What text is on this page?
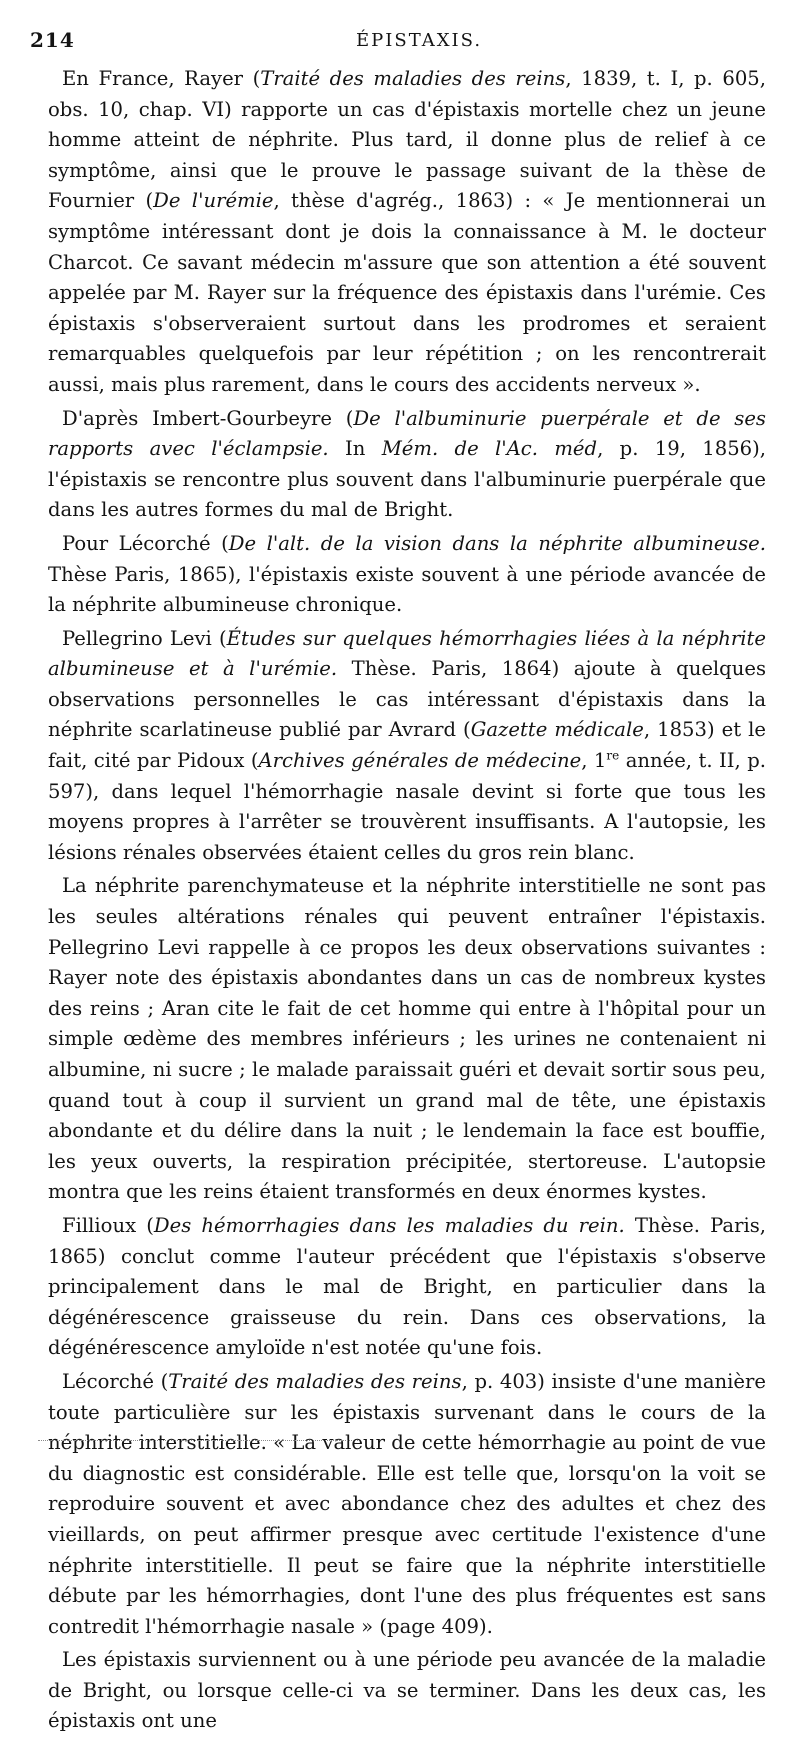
214	ÉPISTAXIS.

En France, Rayer (Traité des maladies des reins, 1839, t. I, p. 605, obs. 10, chap. VI) rapporte un cas d'épistaxis mortelle chez un jeune homme atteint de néphrite. Plus tard, il donne plus de relief à ce symptôme, ainsi que le prouve le passage suivant de la thèse de Fournier (De l'urémie, thèse d'agrég., 1863) : « Je mentionnerai un symptôme intéressant dont je dois la connaissance à M. le docteur Charcot. Ce savant médecin m'assure que son attention a été souvent appelée par M. Rayer sur la fréquence des épistaxis dans l'urémie. Ces épistaxis s'observeraient surtout dans les prodromes et seraient remarquables quelquefois par leur répétition ; on les rencontrerait aussi, mais plus rarement, dans le cours des accidents nerveux ».

D'après Imbert-Gourbeyre (De l'albuminurie puerpérale et de ses rapports avec l'éclampsie. In Mém. de l'Ac. méd, p. 19, 1856), l'épistaxis se rencontre plus souvent dans l'albuminurie puerpérale que dans les autres formes du mal de Bright.

Pour Lécorché (De l'alt. de la vision dans la néphrite albumineuse. Thèse Paris, 1865), l'épistaxis existe souvent à une période avancée de la néphrite albumineuse chronique.

Pellegrino Levi (Études sur quelques hémorrhagies liées à la néphrite albumineuse et à l'urémie. Thèse. Paris, 1864) ajoute à quelques observations personnelles le cas intéressant d'épistaxis dans la néphrite scarlatineuse publié par Avrard (Gazette médicale, 1853) et le fait, cité par Pidoux (Archives générales de médecine, 1re année, t. II, p. 597), dans lequel l'hémorrhagie nasale devint si forte que tous les moyens propres à l'arrêter se trouvèrent insuffisants. A l'autopsie, les lésions rénales observées étaient celles du gros rein blanc.

La néphrite parenchymateuse et la néphrite interstitielle ne sont pas les seules altérations rénales qui peuvent entraîner l'épistaxis. Pellegrino Levi rappelle à ce propos les deux observations suivantes : Rayer note des épistaxis abondantes dans un cas de nombreux kystes des reins ; Aran cite le fait de cet homme qui entre à l'hôpital pour un simple œdème des membres inférieurs ; les urines ne contenaient ni albumine, ni sucre ; le malade paraissait guéri et devait sortir sous peu, quand tout à coup il survient un grand mal de tête, une épistaxis abondante et du délire dans la nuit ; le lendemain la face est bouffie, les yeux ouverts, la respiration précipitée, stertoreuse. L'autopsie montra que les reins étaient transformés en deux énormes kystes.

Fillioux (Des hémorrhagies dans les maladies du rein. Thèse. Paris, 1865) conclut comme l'auteur précédent que l'épistaxis s'observe principalement dans le mal de Bright, en particulier dans la dégénérescence graisseuse du rein. Dans ces observations, la dégénérescence amyloïde n'est notée qu'une fois.

Lécorché (Traité des maladies des reins, p. 403) insiste d'une manière toute particulière sur les épistaxis survenant dans le cours de la néphrite interstitielle. « La valeur de cette hémorrhagie au point de vue du diagnostic est considérable. Elle est telle que, lorsqu'on la voit se reproduire souvent et avec abondance chez des adultes et chez des vieillards, on peut affirmer presque avec certitude l'existence d'une néphrite interstitielle. Il peut se faire que la néphrite interstitielle débute par les hémorrhagies, dont l'une des plus fréquentes est sans contredit l'hémorrhagie nasale » (page 409).

Les épistaxis surviennent ou à une période peu avancée de la maladie de Bright, ou lorsque celle-ci va se terminer. Dans les deux cas, les épistaxis ont une
